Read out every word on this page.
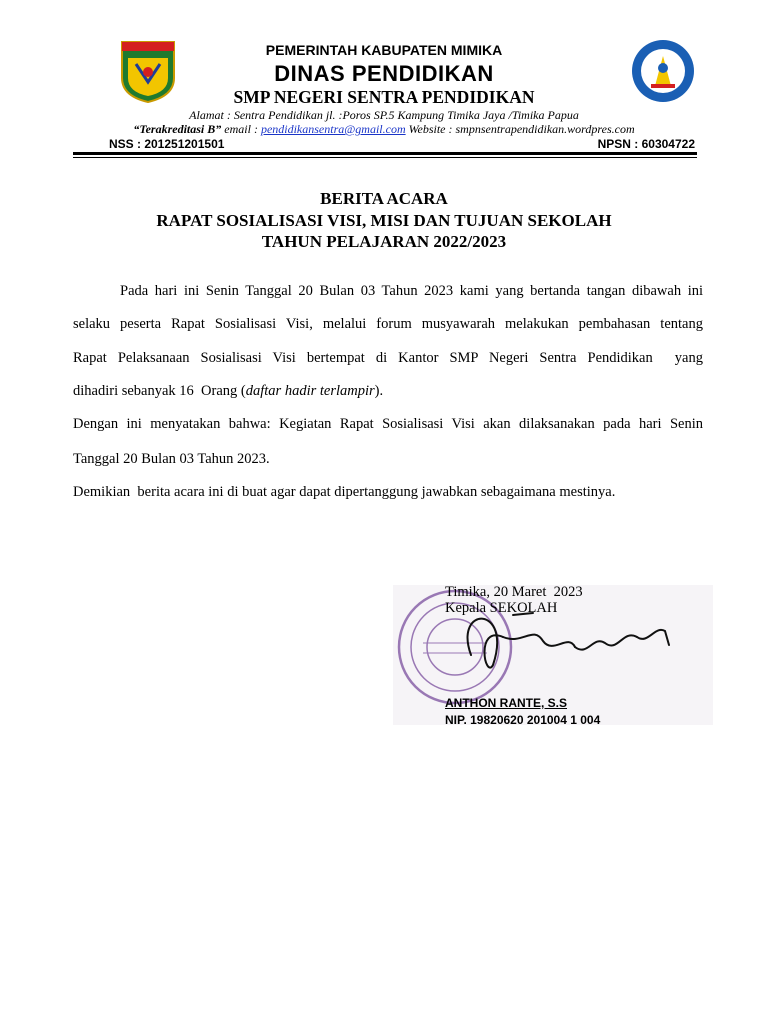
PEMERINTAH KABUPATEN MIMIKA
DINAS PENDIDIKAN
SMP NEGERI SENTRA PENDIDIKAN
Alamat : Sentra Pendidikan jl. :Poros SP.5 Kampung Timika Jaya /Timika Papua
“Terakreditasi B” email : pendidikansentra@gmail.com Website : smpnsentrapendidikan.wordpres.com
NSS : 201251201501	NPSN : 60304722
BERITA ACARA
RAPAT SOSIALISASI VISI, MISI DAN TUJUAN SEKOLAH
TAHUN PELAJARAN 2022/2023
Pada hari ini Senin Tanggal 20 Bulan 03 Tahun 2023 kami yang bertanda tangan dibawah ini
selaku peserta Rapat Sosialisasi Visi, melalui forum musyawarah melakukan pembahasan tentang
Rapat Pelaksanaan Sosialisasi Visi bertempat di Kantor SMP Negeri Sentra Pendidikan  yang
dihadiri sebanyak 16  Orang (daftar hadir terlampir).
Dengan ini menyatakan bahwa: Kegiatan Rapat Sosialisasi Visi akan dilaksanakan pada hari Senin
Tanggal 20 Bulan 03 Tahun 2023.
Demikian  berita acara ini di buat agar dapat dipertanggung jawabkan sebagaimana mestinya.
Timika, 20 Maret  2023
Kepala SEKOLAH
ANTHON RANTE, S.S
NIP. 19820620 201004 1 004
